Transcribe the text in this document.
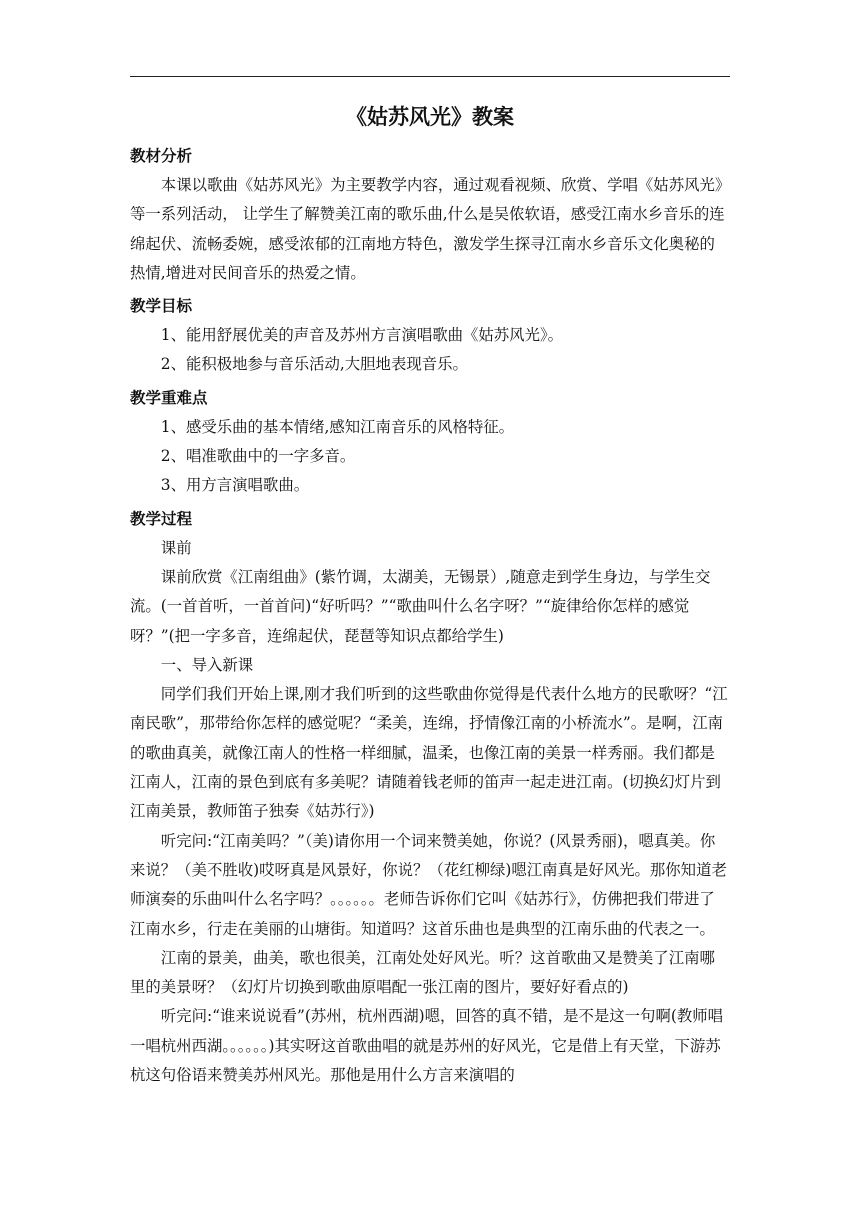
《姑苏风光》教案
教材分析

本课以歌曲《姑苏风光》为主要教学内容，通过观看视频、欣赏、学唱《姑苏风光》等一系列活动， 让学生了解赞美江南的歌乐曲,什么是吴侬软语，感受江南水乡音乐的连绵起伏、流畅委婉，感受浓郁的江南地方特色，激发学生探寻江南水乡音乐文化奥秘的热情,增进对民间音乐的热爱之情。

教学目标

1、能用舒展优美的声音及苏州方言演唱歌曲《姑苏风光》。

2、能积极地参与音乐活动,大胆地表现音乐。

教学重难点

1、感受乐曲的基本情绪,感知江南音乐的风格特征。

2、唱准歌曲中的一字多音。

3、用方言演唱歌曲。

教学过程

课前

课前欣赏《江南组曲》(紫竹调，太湖美，无锡景）,随意走到学生身边，与学生交流。(一首首听，一首首问)“好听吗？”“歌曲叫什么名字呀？”“旋律给你怎样的感觉呀？”(把一字多音，连绵起伏，琵琶等知识点都给学生)

一、导入新课

同学们我们开始上课,刚才我们听到的这些歌曲你觉得是代表什么地方的民歌呀？“江南民歌”，那带给你怎样的感觉呢？“柔美，连绵，抒情像江南的小桥流水”。是啊，江南的歌曲真美，就像江南人的性格一样细腻，温柔，也像江南的美景一样秀丽。我们都是江南人，江南的景色到底有多美呢？请随着钱老师的笛声一起走进江南。(切换幻灯片到江南美景，教师笛子独奏《姑苏行》)

听完问:“江南美吗？”（美)请你用一个词来赞美她，你说？(风景秀丽)，嗯真美。你来说？（美不胜收)哎呀真是风景好，你说？（花红柳绿)嗯江南真是好风光。那你知道老师演奏的乐曲叫什么名字吗？。。。。。。老师告诉你们它叫《姑苏行》，仿佛把我们带进了江南水乡，行走在美丽的山塘街。知道吗？这首乐曲也是典型的江南乐曲的代表之一。

江南的景美，曲美，歌也很美，江南处处好风光。听？这首歌曲又是赞美了江南哪里的美景呀？（幻灯片切换到歌曲原唱配一张江南的图片，要好好看点的)

听完问:“谁来说说看”(苏州，杭州西湖)嗯，回答的真不错，是不是这一句啊(教师唱一唱杭州西湖。。。。。。)其实呀这首歌曲唱的就是苏州的好风光，它是借上有天堂，下游苏杭这句俗语来赞美苏州风光。那他是用什么方言来演唱的
